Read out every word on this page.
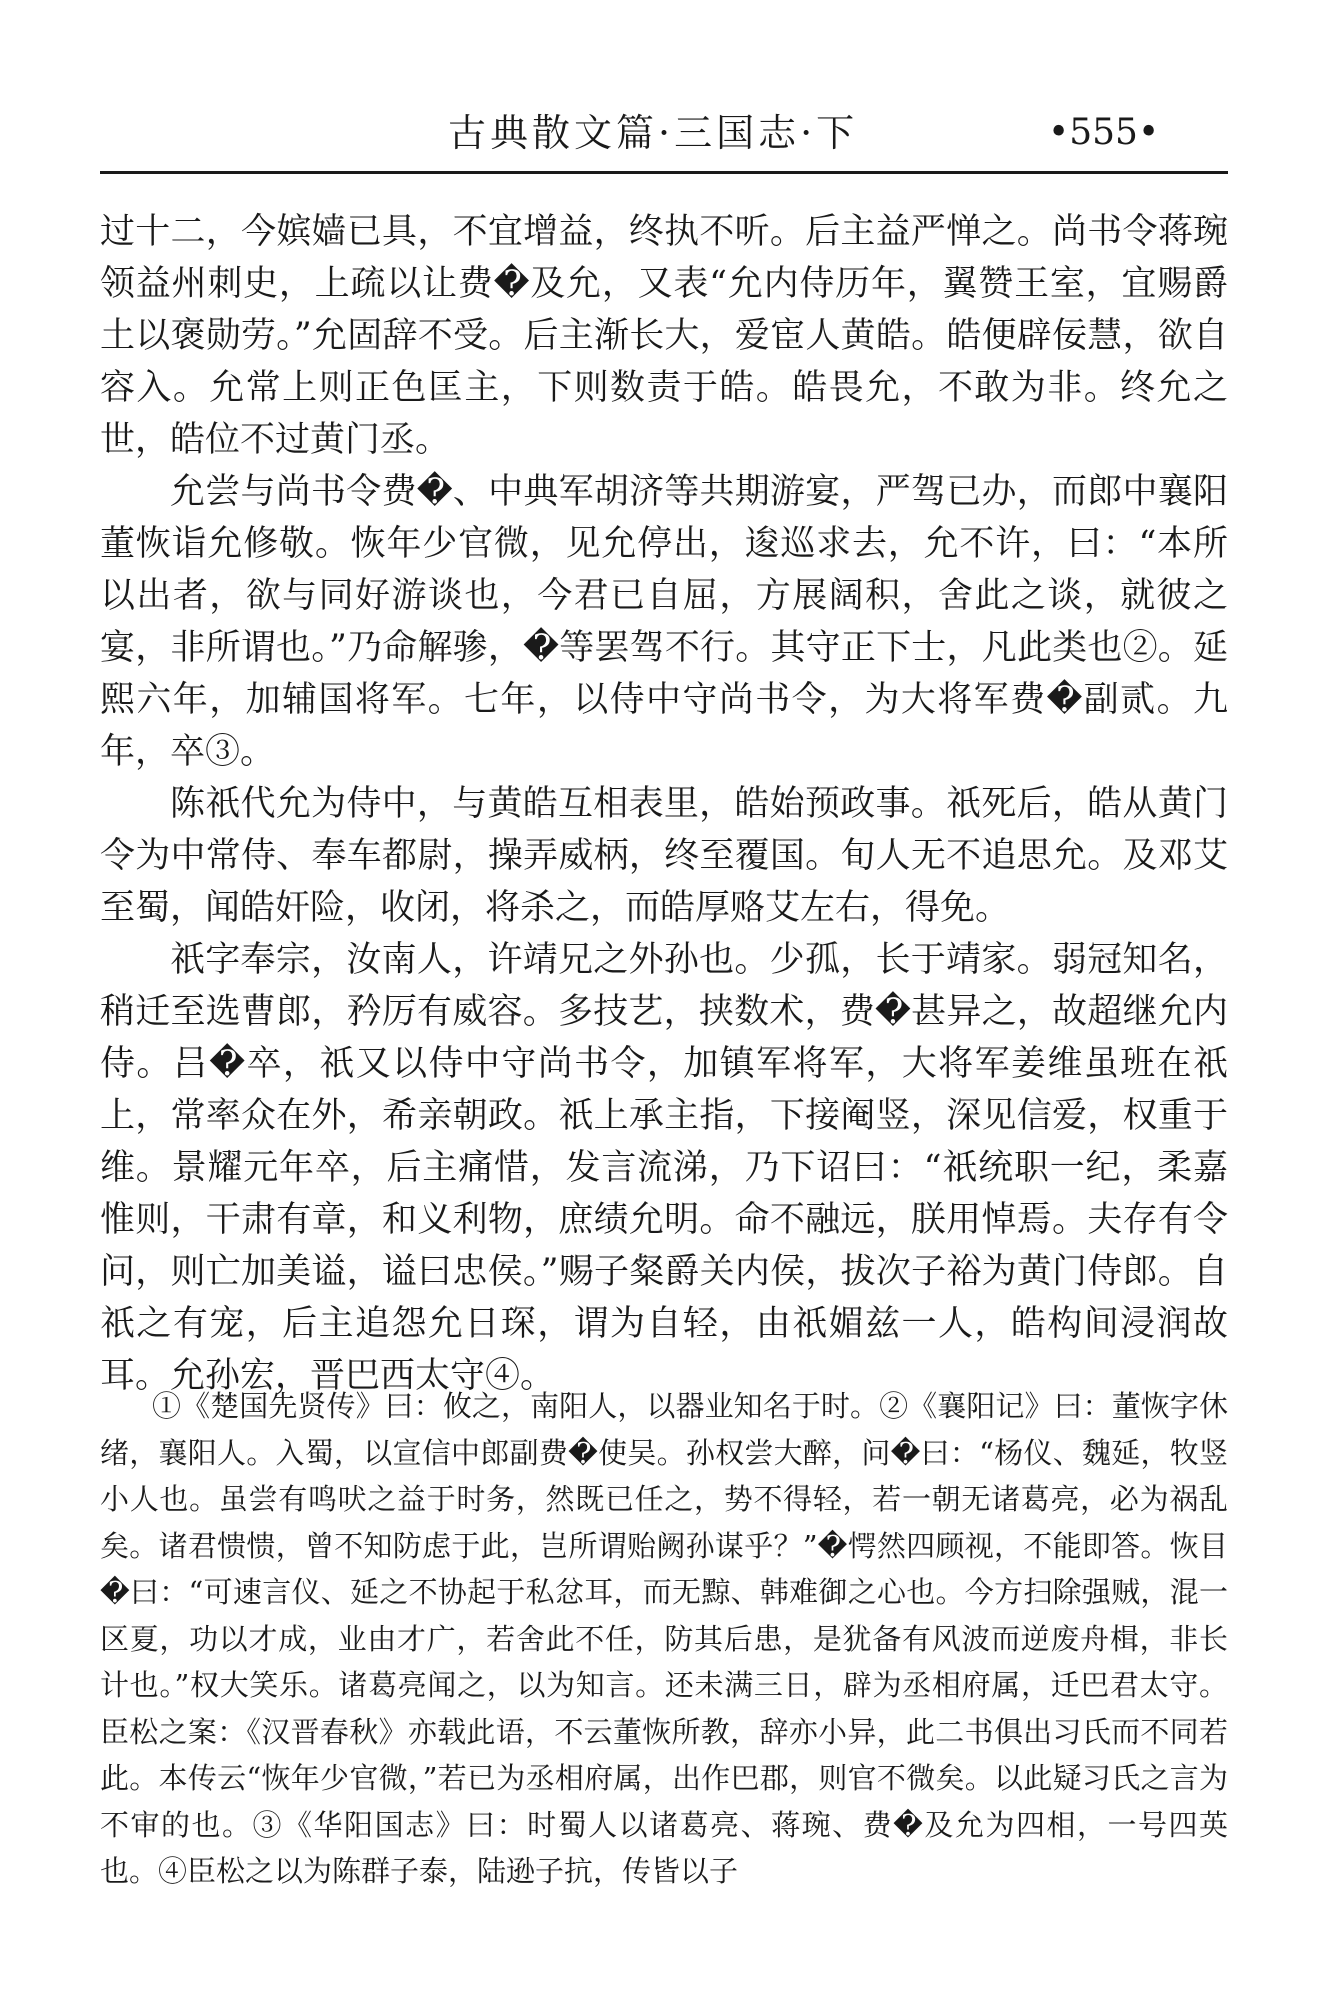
古典散文篇·三国志·下	•555•

过十二，今嫔嫱已具，不宜增益，终执不听。后主益严惮之。尚书令蒋琬领益州刺史，上疏以让费�及允，又表“允内侍历年，翼赞王室，宜赐爵土以褒勋劳。”允固辞不受。后主渐长大，爱宦人黄皓。皓便辟佞慧，欲自容入。允常上则正色匡主，下则数责于皓。皓畏允，不敢为非。终允之世，皓位不过黄门丞。

允尝与尚书令费�、中典军胡济等共期游宴，严驾已办，而郎中襄阳董恢诣允修敬。恢年少官微，见允停出，逡巡求去，允不许，曰：“本所以出者，欲与同好游谈也，今君已自屈，方展阔积，舍此之谈，就彼之宴，非所谓也。”乃命解骖，�等罢驾不行。其守正下士，凡此类也②。延熙六年，加辅国将军。七年，以侍中守尚书令，为大将军费�副贰。九年，卒③。

陈祇代允为侍中，与黄皓互相表里，皓始预政事。祇死后，皓从黄门令为中常侍、奉车都尉，操弄威柄，终至覆国。旬人无不追思允。及邓艾至蜀，闻皓奸险，收闭，将杀之，而皓厚赂艾左右，得免。

祇字奉宗，汝南人，许靖兄之外孙也。少孤，长于靖家。弱冠知名，稍迁至选曹郎，矜厉有威容。多技艺，挟数术，费�甚异之，故超继允内侍。吕�卒，祇又以侍中守尚书令，加镇军将军，大将军姜维虽班在祇上，常率众在外，希亲朝政。祇上承主指，下接阉竖，深见信爱，权重于维。景耀元年卒，后主痛惜，发言流涕，乃下诏曰：“祇统职一纪，柔嘉惟则，干肃有章，和义利物，庶绩允明。命不融远，朕用悼焉。夫存有令问，则亡加美谥，谥曰忠侯。”赐子粲爵关内侯，拔次子裕为黄门侍郎。自祇之有宠，后主追怨允日琛，谓为自轻，由祇媚兹一人，皓构间浸润故耳。允孙宏，晋巴西太守④。

①《楚国先贤传》曰：攸之，南阳人，以器业知名于时。②《襄阳记》曰：董恢字休绪，襄阳人。入蜀，以宣信中郎副费�使吴。孙权尝大醉，问�曰：“杨仪、魏延，牧竖小人也。虽尝有鸣吠之益于时务，然既已任之，势不得轻，若一朝无诸葛亮，必为祸乱矣。诸君愦愦，曾不知防虑于此，岂所谓贻阙孙谋乎？”�愕然四顾视，不能即答。恢目�曰：“可速言仪、延之不协起于私忿耳，而无黥、韩难御之心也。今方扫除强贼，混一区夏，功以才成，业由才广，若舍此不任，防其后患，是犹备有风波而逆废舟楫，非长计也。”权大笑乐。诸葛亮闻之，以为知言。还未满三日，辟为丞相府属，迁巴君太守。臣松之案：《汉晋春秋》亦载此语，不云董恢所教，辞亦小异，此二书俱出习氏而不同若此。本传云“恢年少官微，”若已为丞相府属，出作巴郡，则官不微矣。以此疑习氏之言为不审的也。③《华阳国志》曰：时蜀人以诸葛亮、蒋琬、费�及允为四相，一号四英也。④臣松之以为陈群子泰，陆逊子抗，传皆以子
